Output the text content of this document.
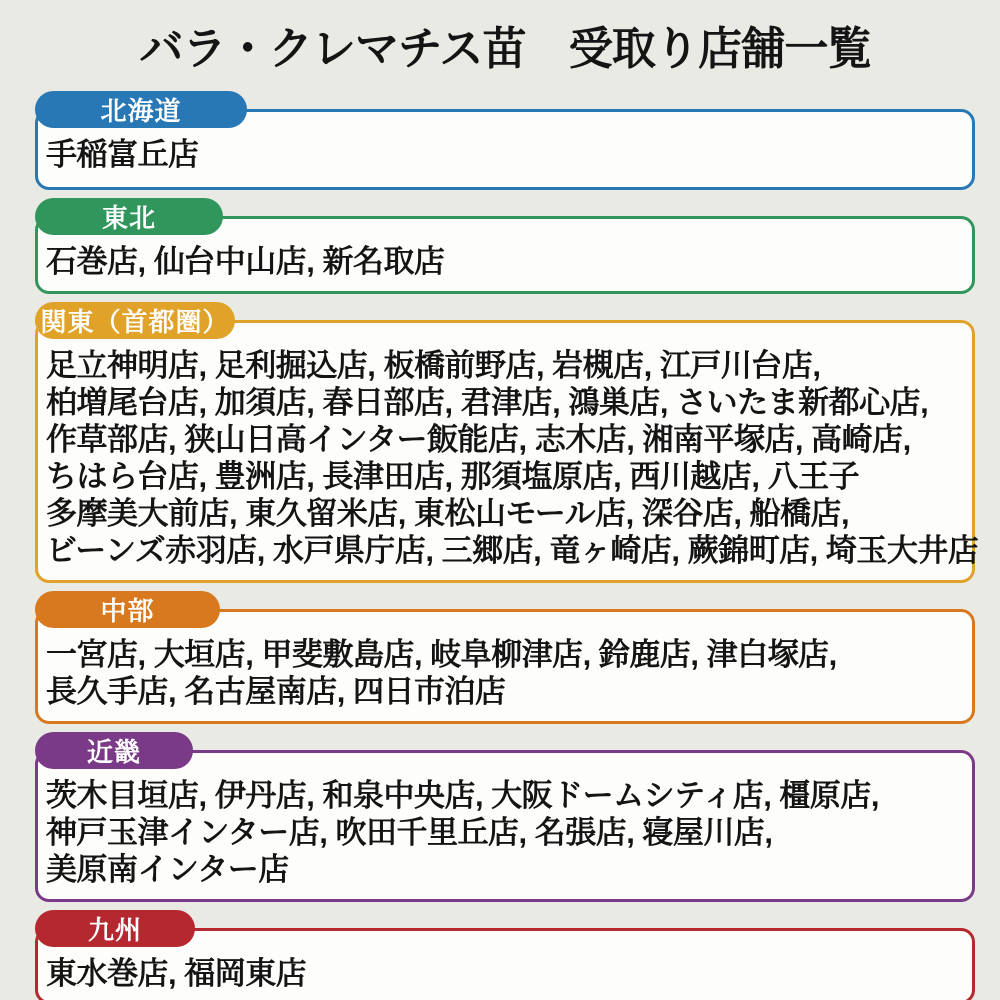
バラ・クレマチス苗　受取り店舗一覧
北海道
手稲富丘店
東北
石巻店, 仙台中山店, 新名取店
関東（首都圏）
足立神明店, 足利掘込店, 板橋前野店, 岩槻店, 江戸川台店,
柏増尾台店, 加須店, 春日部店, 君津店, 鴻巣店, さいたま新都心店,
作草部店, 狭山日高インター飯能店, 志木店, 湘南平塚店, 高崎店,
ちはら台店, 豊洲店, 長津田店, 那須塩原店, 西川越店, 八王子
多摩美大前店, 東久留米店, 東松山モール店, 深谷店, 船橋店,
ビーンズ赤羽店, 水戸県庁店, 三郷店, 竜ヶ崎店, 蕨錦町店, 埼玉大井店
中部
一宮店, 大垣店, 甲斐敷島店, 岐阜柳津店, 鈴鹿店, 津白塚店,
長久手店, 名古屋南店, 四日市泊店
近畿
茨木目垣店, 伊丹店, 和泉中央店, 大阪ドームシティ店, 橿原店,
神戸玉津インター店, 吹田千里丘店, 名張店, 寝屋川店,
美原南インター店
九州
東水巻店, 福岡東店
